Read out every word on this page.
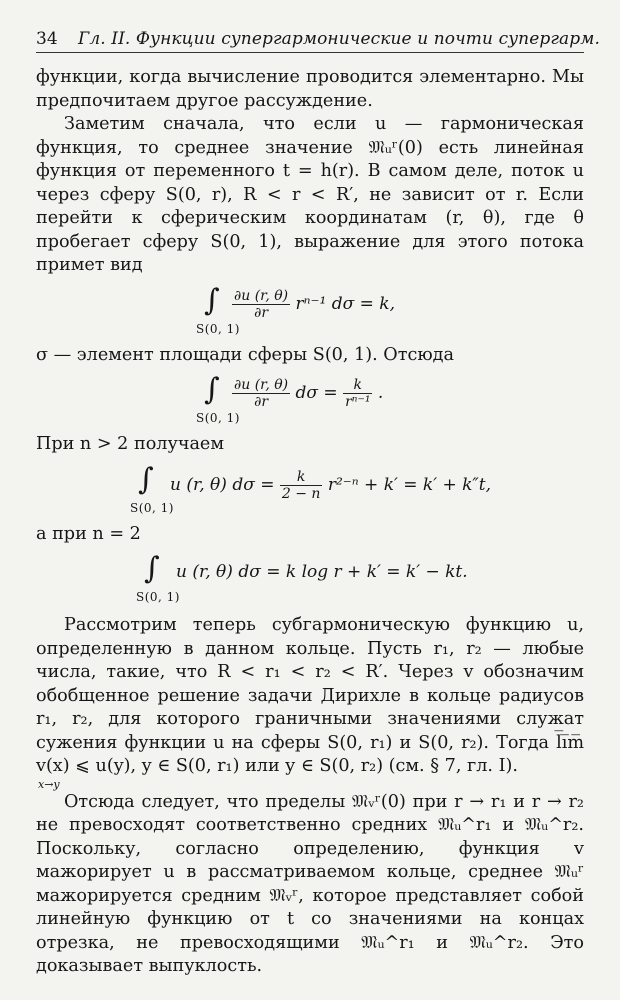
34 Гл. II. Функции супергармонические и почти супергарм.

функции, когда вычисление проводится элементарно. Мы предпочитаем другое рассуждение.

Заметим сначала, что если u — гармоническая функция, то среднее значение 𝔐ᵤʳ(0) есть линейная функция от переменного t = h(r). В самом деле, поток u через сферу S(0, r), R < r < R′, не зависит от r. Если перейти к сферическим координатам (r, θ), где θ пробегает сферу S(0, 1), выражение для этого потока примет вид

∫
S(0, 1)
$\frac{\partial u (r, \theta)}{\partial r} r^{n-1}$ dσ = k,

σ — элемент площади сферы S(0, 1). Отсюда

∫
S(0, 1)
$\frac{\partial u (r, \theta)}{\partial r}$ $d\sigma = \frac{k}{\text{rⁿ⁻¹}}$ .

При n > 2 получаем

∫
S(0, 1)
u (r, θ) $d\sigma = \frac{k}{2 - n} r^{2-n} + k' = k' + k''t$,

а при n = 2

∫
S(0, 1)
u (r, θ) dσ = k log r + k′ = k′ − kt.

Рассмотрим теперь субгармоническую функцию u, определенную в данном кольце. Пусть r₁, r₂ — любые числа, такие, что R < r₁ < r₂ < R′. Через v обозначим обобщенное решение задачи Дирихле в кольце радиусов r₁, r₂, для которого граничными значениями служат сужения функции u на сферы S(0, r₁) и S(0, r₂). Тогда l̅i̅m̅ v(x) ⩽ u(y), y ∈ S(0, r₁) или y ∈ S(0, r₂) (см. § 7, гл. I).

x→y

Отсюда следует, что пределы 𝔐ᵥʳ(0) при r → r₁ и r → r₂ не превосходят соответственно средних 𝔐ᵤ^r₁ и 𝔐ᵤ^r₂. Поскольку, согласно определению, функция v мажорирует u в рассматриваемом кольце, среднее 𝔐ᵤʳ мажорируется средним 𝔐ᵥʳ, которое представляет собой линейную функцию от t со значениями на концах отрезка, не превосходящими 𝔐ᵤ^r₁ и 𝔐ᵤ^r₂. Это доказывает выпуклость.
